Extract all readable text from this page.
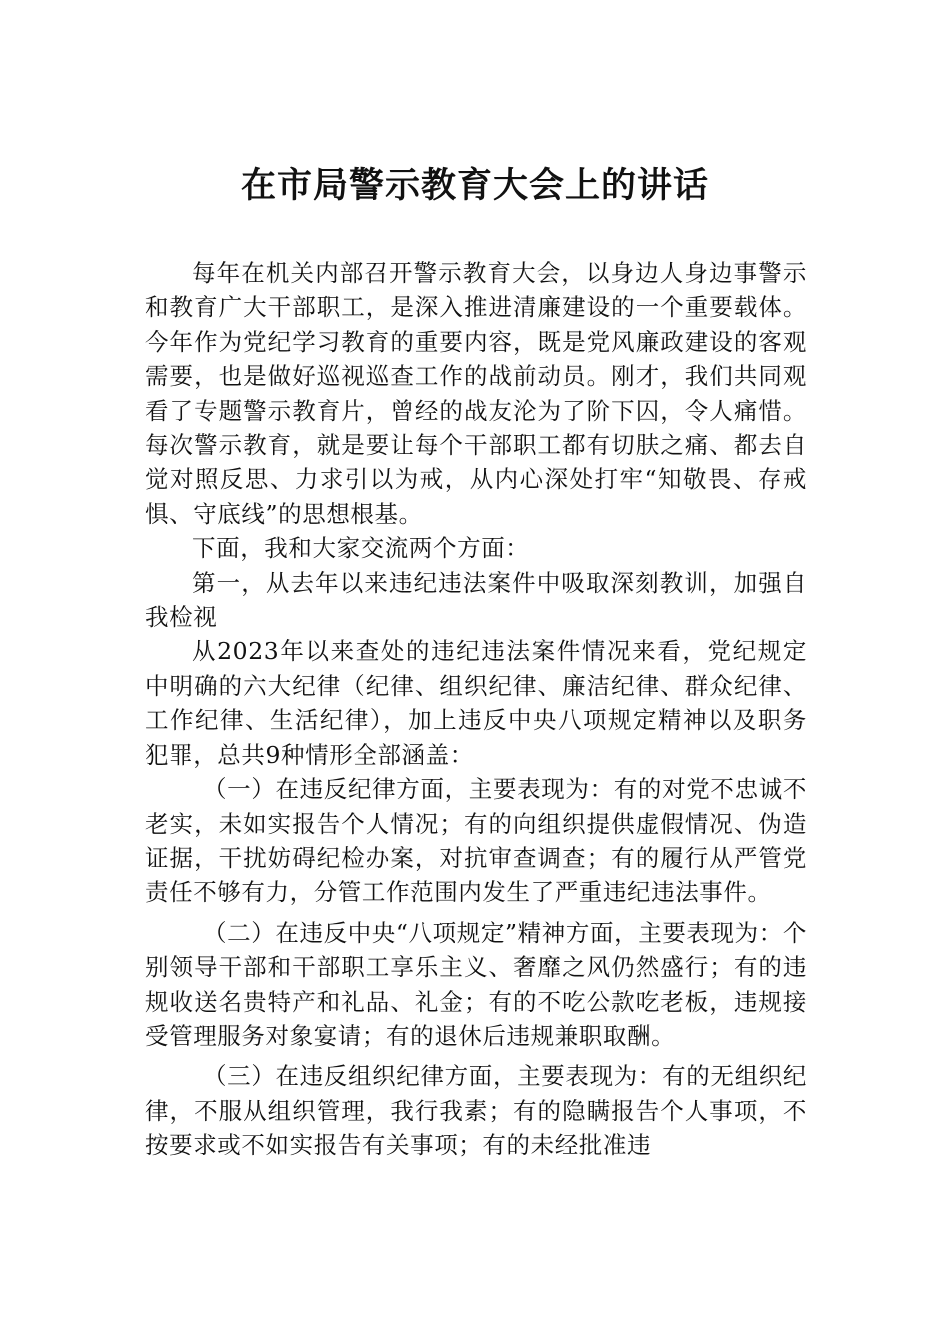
在市局警示教育大会上的讲话

每年在机关内部召开警示教育大会，以身边人身边事警示和教育广大干部职工，是深入推进清廉建设的一个重要载体。今年作为党纪学习教育的重要内容，既是党风廉政建设的客观需要，也是做好巡视巡查工作的战前动员。刚才，我们共同观看了专题警示教育片，曾经的战友沦为了阶下囚，令人痛惜。每次警示教育，就是要让每个干部职工都有切肤之痛、都去自觉对照反思、力求引以为戒，从内心深处打牢“知敬畏、存戒惧、守底线”的思想根基。

下面，我和大家交流两个方面：

第一，从去年以来违纪违法案件中吸取深刻教训，加强自我检视

从2023年以来查处的违纪违法案件情况来看，党纪规定中明确的六大纪律（纪律、组织纪律、廉洁纪律、群众纪律、工作纪律、生活纪律），加上违反中央八项规定精神以及职务犯罪，总共9种情形全部涵盖：

（一）在违反纪律方面，主要表现为：有的对党不忠诚不老实，未如实报告个人情况；有的向组织提供虚假情况、伪造证据，干扰妨碍纪检办案，对抗审查调查；有的履行从严管党责任不够有力，分管工作范围内发生了严重违纪违法事件。

（二）在违反中央“八项规定”精神方面，主要表现为：个别领导干部和干部职工享乐主义、奢靡之风仍然盛行；有的违规收送名贵特产和礼品、礼金；有的不吃公款吃老板，违规接受管理服务对象宴请；有的退休后违规兼职取酬。

（三）在违反组织纪律方面，主要表现为：有的无组织纪律，不服从组织管理，我行我素；有的隐瞒报告个人事项，不按要求或不如实报告有关事项；有的未经批准违
